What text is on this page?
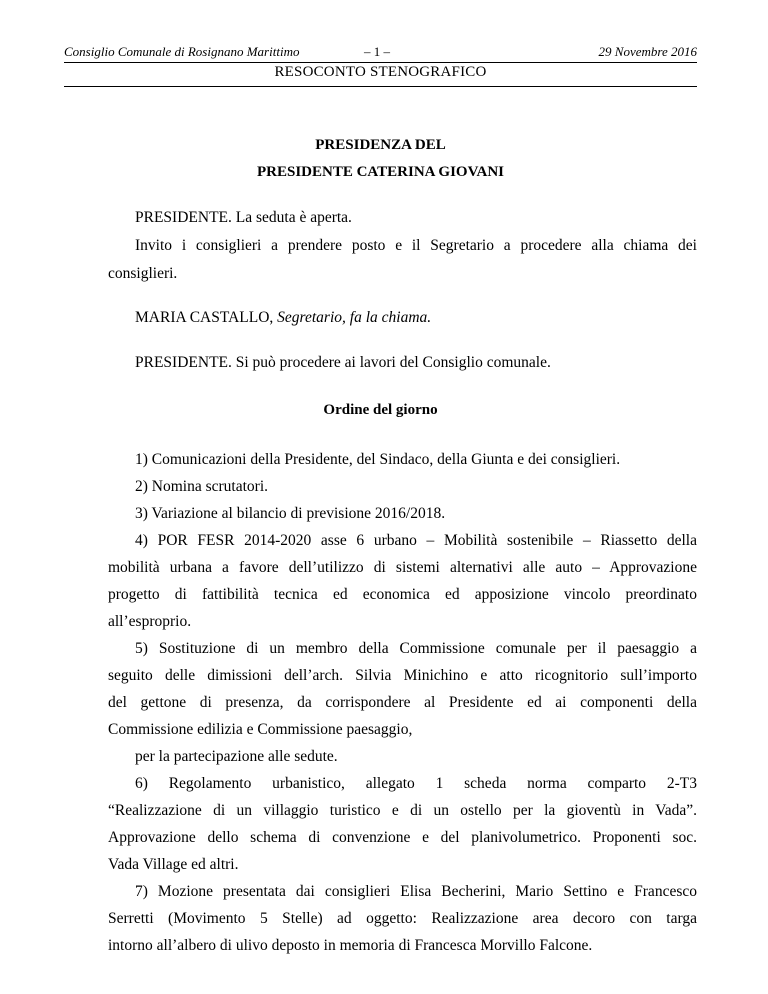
Consiglio Comunale di Rosignano Marittimo	– 1 –	29 Novembre 2016
RESOCONTO STENOGRAFICO
PRESIDENZA DEL
PRESIDENTE CATERINA GIOVANI
PRESIDENTE. La seduta è aperta.
Invito i consiglieri a prendere posto e il Segretario a procedere alla chiama dei
consiglieri.
MARIA CASTALLO, Segretario, fa la chiama.
PRESIDENTE. Si può procedere ai lavori del Consiglio comunale.
Ordine del giorno
1) Comunicazioni della Presidente, del Sindaco, della Giunta e dei consiglieri.
2) Nomina scrutatori.
3) Variazione al bilancio di previsione 2016/2018.
4) POR FESR 2014-2020 asse 6 urbano – Mobilità sostenibile – Riassetto della
mobilità urbana a favore dell’utilizzo di sistemi alternativi alle auto – Approvazione
progetto di fattibilità tecnica ed economica ed apposizione vincolo preordinato
all’esproprio.
5) Sostituzione di un membro della Commissione comunale per il paesaggio a
seguito delle dimissioni dell’arch. Silvia Minichino e atto ricognitorio sull’importo
del gettone di presenza, da corrispondere al Presidente ed ai componenti della
Commissione edilizia e Commissione paesaggio,
per la partecipazione alle sedute.
6) Regolamento urbanistico, allegato 1 scheda norma comparto 2-T3
“Realizzazione di un villaggio turistico e di un ostello per la gioventù in Vada”.
Approvazione dello schema di convenzione e del planivolumetrico. Proponenti soc.
Vada Village ed altri.
7) Mozione presentata dai consiglieri Elisa Becherini, Mario Settino e Francesco
Serretti (Movimento 5 Stelle) ad oggetto: Realizzazione area decoro con targa
intorno all’albero di ulivo deposto in memoria di Francesca Morvillo Falcone.
